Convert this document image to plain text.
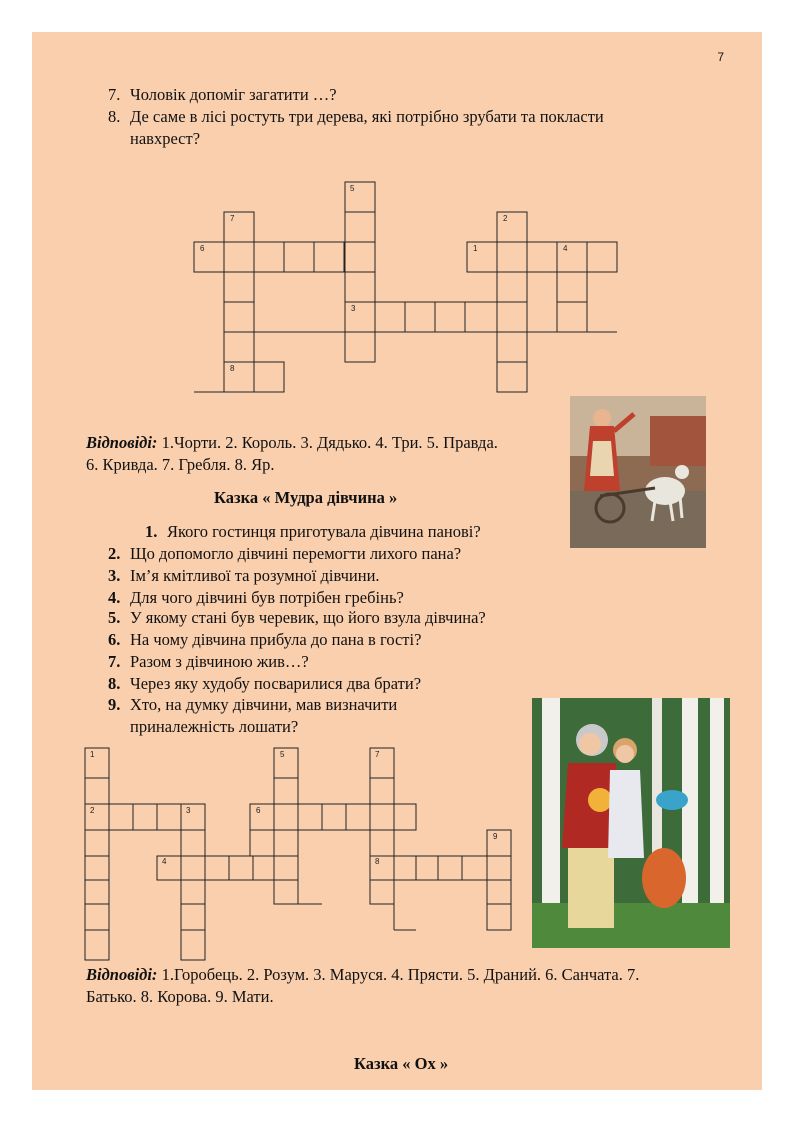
7
7. Чоловік допоміг загатити …?
8. Де саме в лісі ростуть три дерева, які потрібно зрубати та покласти
навхрест?
5
7	2
6	1	4
3
8
Відповіді: 1.Чорти. 2. Король. 3. Дядько. 4. Три. 5. Правда.
6. Кривда. 7. Гребля. 8. Яр.
Казка « Мудра дівчина »
1. Якого гостинця приготувала дівчина панові?
2. Що допомогло дівчині перемогти лихого пана?
3. Ім’я кмітливої та розумної дівчини.
4. Для чого дівчині був потрібен гребінь?
5. У якому стані був черевик, що його взула дівчина?
6. На чому дівчина прибула до пана в гості?
7. Разом з дівчиною жив…?
8. Через яку худобу посварилися два брати?
9. Хто, на думку дівчини, мав визначити
приналежність лошати?
1	5	7
2	3	6
9
4	8
Відповіді: 1.Горобець. 2. Розум. 3. Маруся. 4. Прясти. 5. Драний. 6. Санчата. 7.
Батько. 8. Корова. 9. Мати.
Казка « Ох »
